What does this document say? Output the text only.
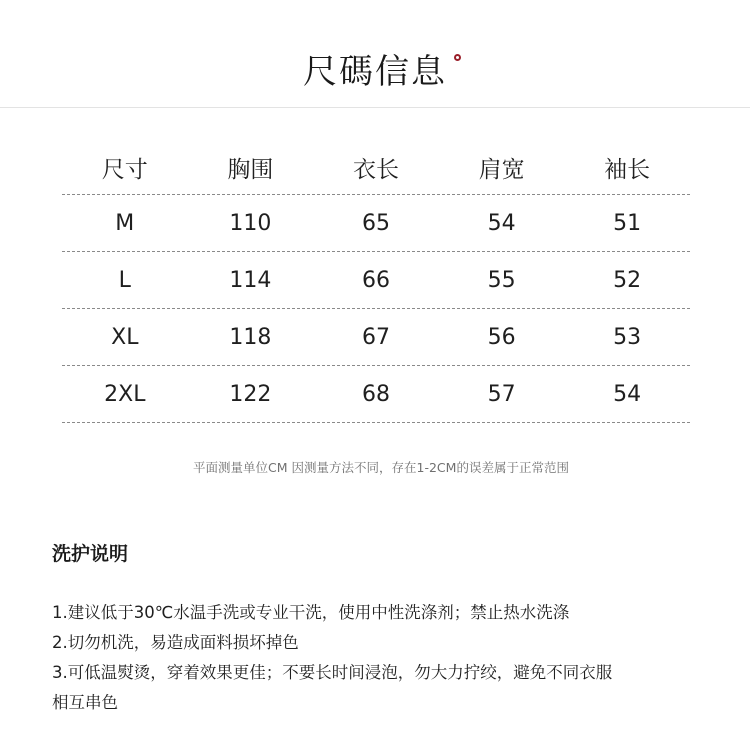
尺碼信息
尺寸	胸围	衣长	肩宽	袖长
M	110	65	54	51
L	114	66	55	52
XL	118	67	56	53
2XL	122	68	57	54
平面测量单位CM 因测量方法不同，存在1-2CM的误差属于正常范围
洗护说明
1.建议低于30℃水温手洗或专业干洗，使用中性洗涤剂；禁止热水洗涤
2.切勿机洗，易造成面料损坏掉色
3.可低温熨烫，穿着效果更佳；不要长时间浸泡，勿大力拧绞，避免不同衣服
相互串色
